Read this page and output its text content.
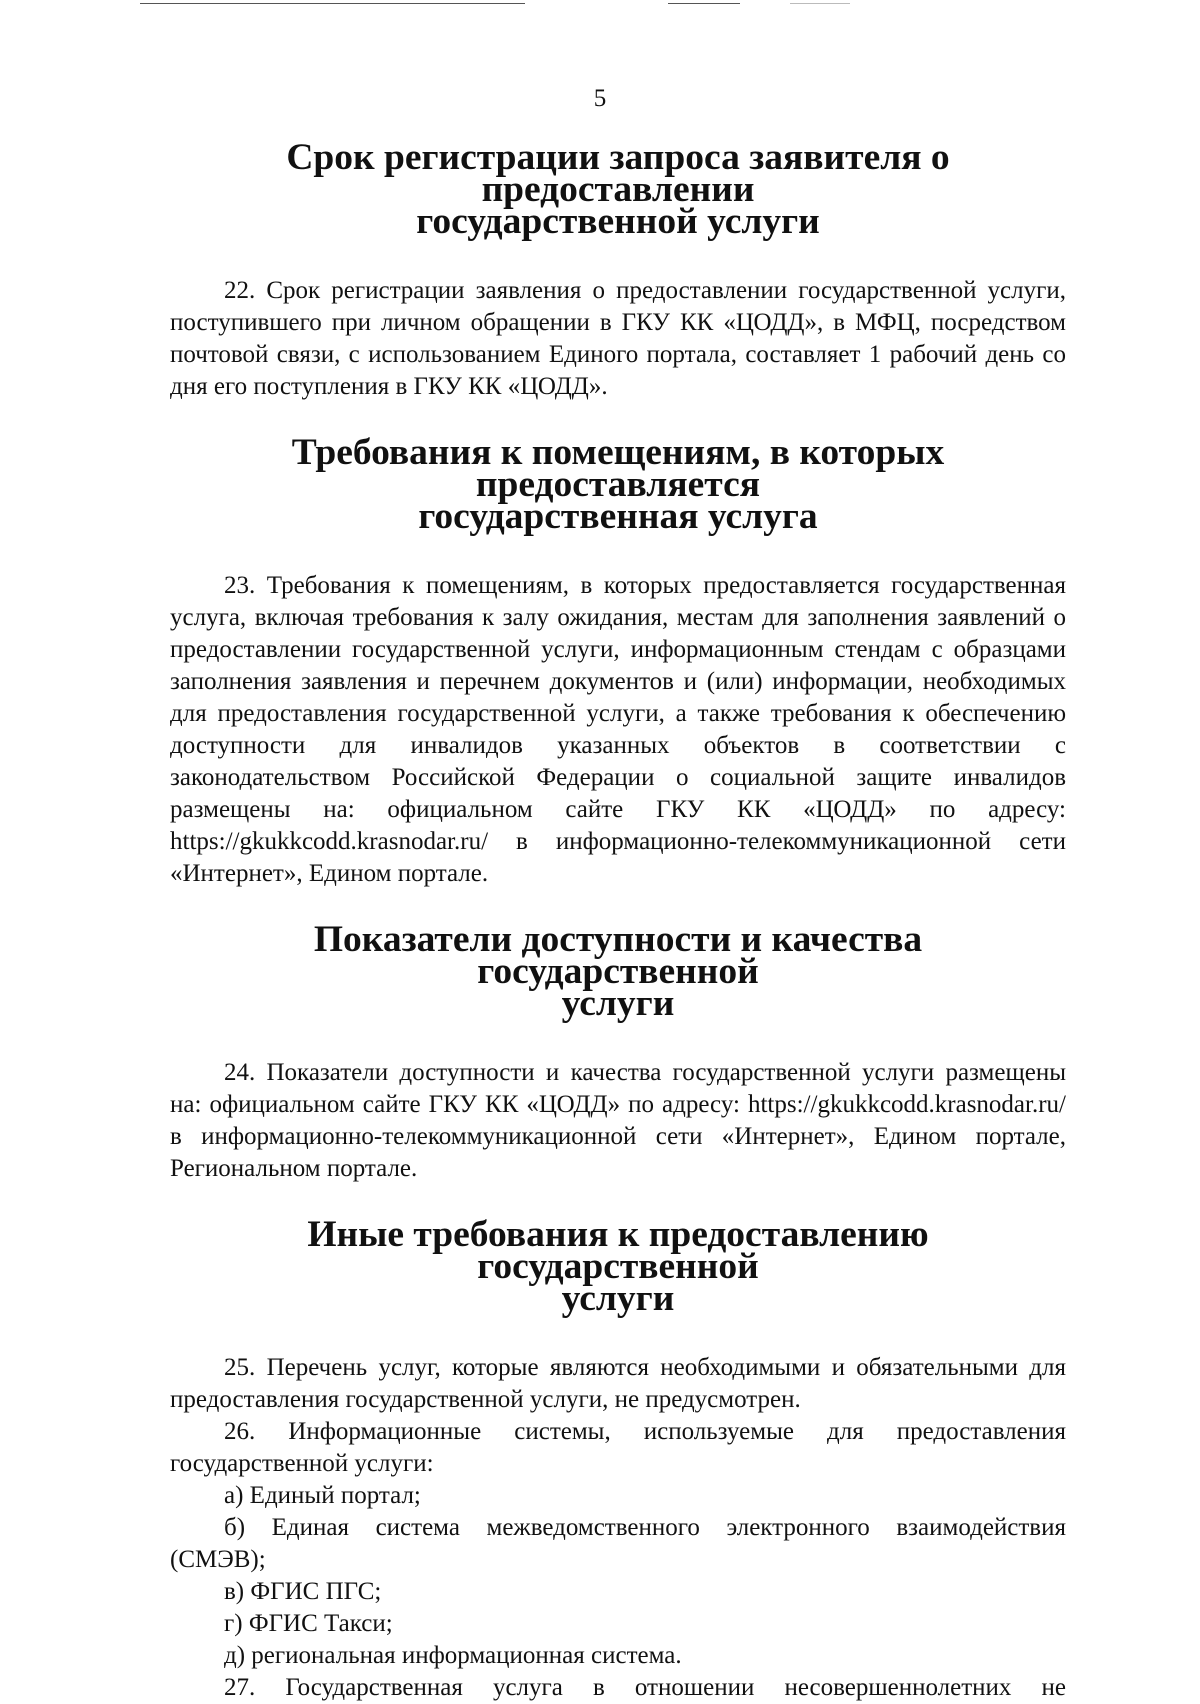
5
Срок регистрации запроса заявителя о предоставлении
государственной услуги

22. Срок регистрации заявления о предоставлении государственной услуги, поступившего при личном обращении в ГКУ КК «ЦОДД», в МФЦ, посредством почтовой связи, с использованием Единого портала, составляет 1 рабочий день со дня его поступления в ГКУ КК «ЦОДД».

Требования к помещениям, в которых предоставляется
государственная услуга

23. Требования к помещениям, в которых предоставляется государственная услуга, включая требования к залу ожидания, местам для заполнения заявлений о предоставлении государственной услуги, информационным стендам с образцами заполнения заявления и перечнем документов и (или) информации, необходимых для предоставления государственной услуги, а также требования к обеспечению доступности для инвалидов указанных объектов в соответствии с законодательством Российской Федерации о социальной защите инвалидов размещены на: официальном сайте ГКУ КК «ЦОДД» по адресу: https://gkukkcodd.krasnodar.ru/ в информационно-телекоммуникационной сети «Интернет», Едином портале.

Показатели доступности и качества государственной
услуги

24. Показатели доступности и качества государственной услуги размещены на: официальном сайте ГКУ КК «ЦОДД» по адресу: https://gkukkcodd.krasnodar.ru/ в информационно-телекоммуникационной сети «Интернет», Едином портале, Региональном портале.

Иные требования к предоставлению государственной
услуги

25. Перечень услуг, которые являются необходимыми и обязательными для предоставления государственной услуги, не предусмотрен.

26. Информационные системы, используемые для предоставления государственной услуги:

а) Единый портал;

б) Единая система межведомственного электронного взаимодействия (СМЭВ);

в) ФГИС ПГС;

г) ФГИС Такси;

д) региональная информационная система.

27. Государственная услуга в отношении несовершеннолетних не
